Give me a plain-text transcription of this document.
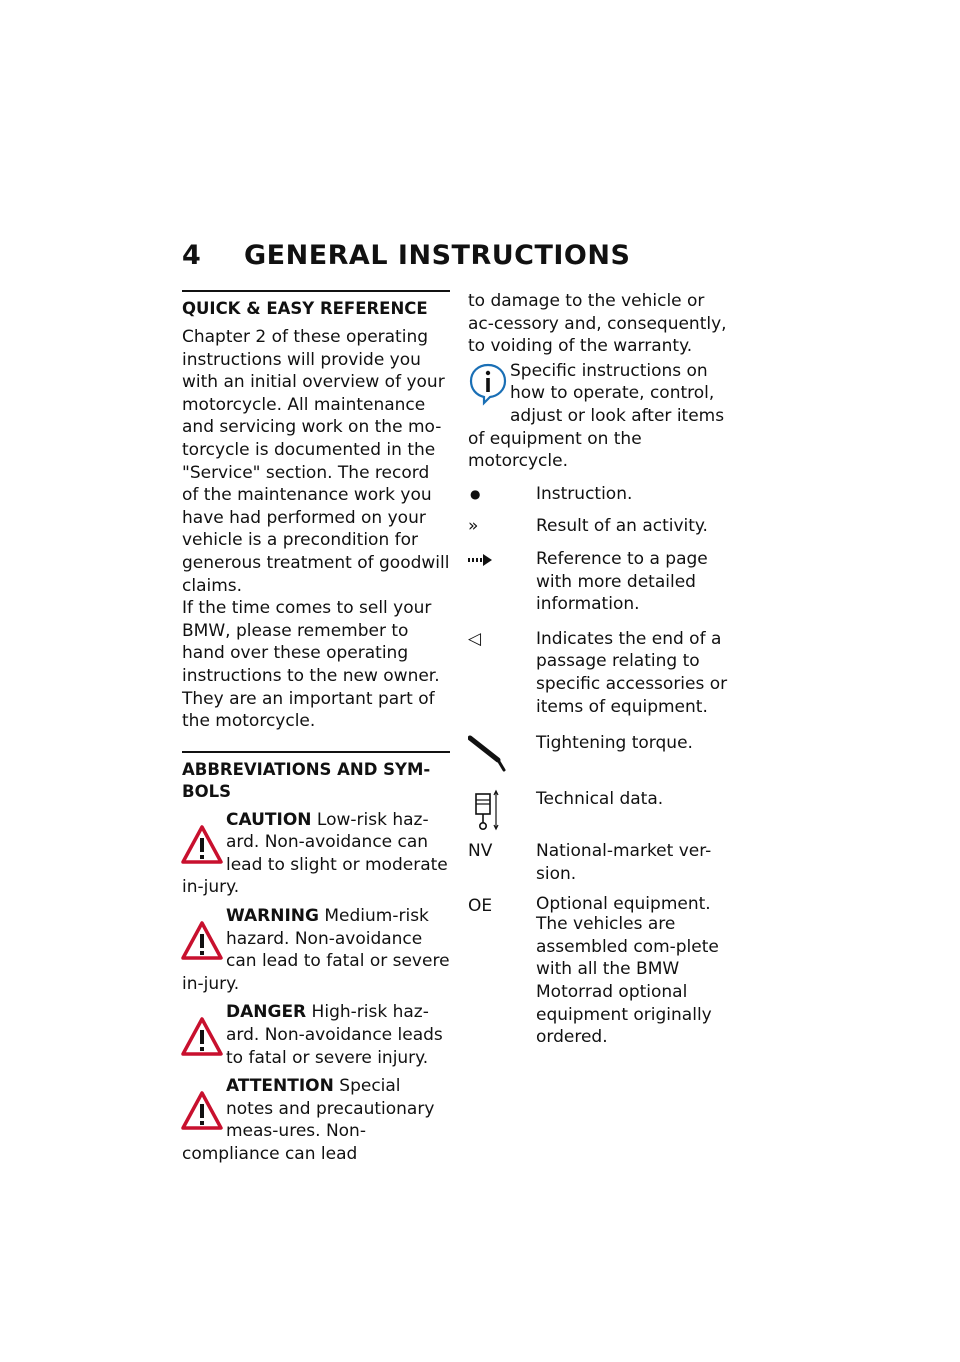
4 GENERAL INSTRUCTIONS
QUICK & EASY REFERENCE

Chapter 2 of these operating instructions will provide you with an initial overview of your motorcycle. All maintenance and servicing work on the mo-torcycle is documented in the "Service" section. The record of the maintenance work you have had performed on your vehicle is a precondition for generous treatment of goodwill claims.

If the time comes to sell your BMW, please remember to hand over these operating instructions to the new owner. They are an important part of the motorcycle.

ABBREVIATIONS AND SYM-BOLS

CAUTION Low-risk haz-ard. Non-avoidance can lead to slight or moderate in-jury.

WARNING Medium-risk hazard. Non-avoidance can lead to fatal or severe in-jury.

DANGER High-risk haz-ard. Non-avoidance leads to fatal or severe injury.

ATTENTION Special notes and precautionary meas-ures. Non-compliance can lead

to damage to the vehicle or ac-cessory and, consequently, to voiding of the warranty.

Specific instructions on how to operate, control, adjust or look after items of equipment on the motorcycle.

●	Instruction.
»	Result of an activity.
Reference to a page with more detailed information.
◁	Indicates the end of a passage relating to specific accessories or items of equipment.
Tightening torque.
Technical data.
NV	National-market ver-sion.
OE	Optional equipment.
The vehicles are assembled com-plete with all the BMW Motorrad optional equipment originally ordered.
